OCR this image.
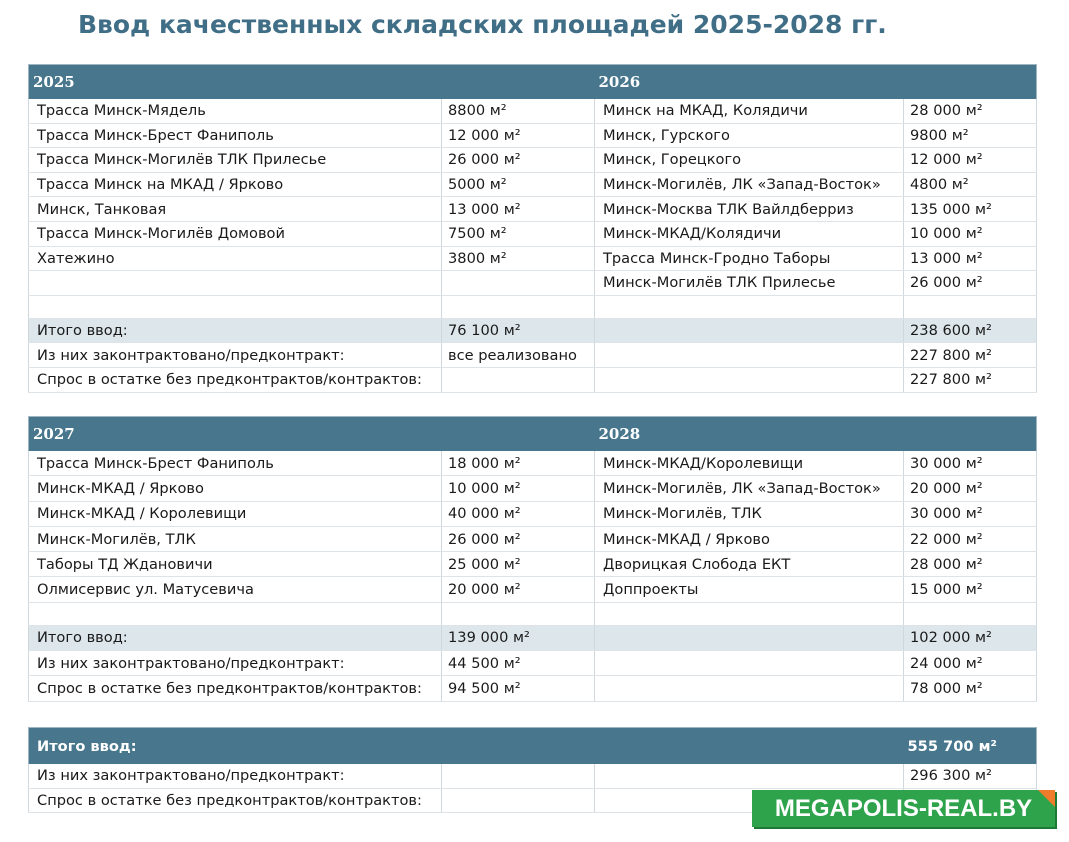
Ввод качественных складских площадей 2025-2028 гг.
2025		2026	
Трасса Минск-Мядель	8800 м²	Минск на МКАД, Колядичи	28 000 м²
Трасса Минск-Брест Фаниполь	12 000 м²	Минск, Гурского	9800 м²
Трасса Минск-Могилёв ТЛК Прилесье	26 000 м²	Минск, Горецкого	12 000 м²
Трасса Минск на МКАД / Ярково	5000 м²	Минск-Могилёв, ЛК «Запад-Восток»	4800 м²
Минск, Танковая	13 000 м²	Минск-Москва ТЛК Вайлдберриз	135 000 м²
Трасса Минск-Могилёв Домовой	7500 м²	Минск-МКАД/Колядичи	10 000 м²
Хатежино	3800 м²	Трасса Минск-Гродно Таборы	13 000 м²
		Минск-Могилёв ТЛК Прилесье	26 000 м²

Итого ввод:	76 100 м²		238 600 м²
Из них законтрактовано/предконтракт:	все реализовано		227 800 м²
Спрос в остатке без предконтрактов/контрактов:			227 800 м²
2027		2028	
Трасса Минск-Брест Фаниполь	18 000 м²	Минск-МКАД/Королевищи	30 000 м²
Минск-МКАД / Ярково	10 000 м²	Минск-Могилёв, ЛК «Запад-Восток»	20 000 м²
Минск-МКАД / Королевищи	40 000 м²	Минск-Могилёв, ТЛК	30 000 м²
Минск-Могилёв, ТЛК	26 000 м²	Минск-МКАД / Ярково	22 000 м²
Таборы ТД Ждановичи	25 000 м²	Дворицкая Слобода ЕКТ	28 000 м²
Олмисервис ул. Матусевича	20 000 м²	Доппроекты	15 000 м²

Итого ввод:	139 000 м²		102 000 м²
Из них законтрактовано/предконтракт:	44 500 м²		24 000 м²
Спрос в остатке без предконтрактов/контрактов:	94 500 м²		78 000 м²
Итого ввод:			555 700 м²
Из них законтрактовано/предконтракт:			296 300 м²
Спрос в остатке без предконтрактов/контрактов:				MEGAPOLIS-REAL.BY
